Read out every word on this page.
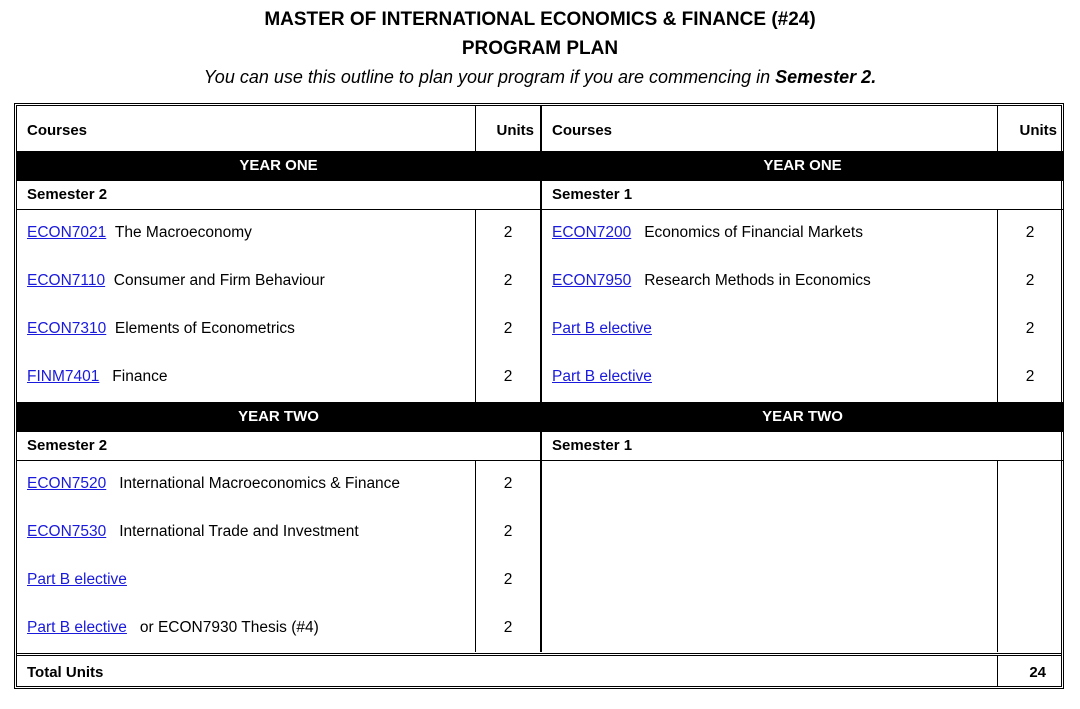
MASTER OF INTERNATIONAL ECONOMICS & FINANCE (#24)
PROGRAM PLAN
You can use this outline to plan your program if you are commencing in Semester 2.
Courses	Units
YEAR ONE
Semester 2
ECON7021 The Macroeconomy	2
ECON7110 Consumer and Firm Behaviour	2
ECON7310 Elements of Econometrics	2
FINM7401 Finance	2
YEAR TWO
Semester 2
ECON7520 International Macroeconomics & Finance	2
ECON7530 International Trade and Investment	2
Part B elective	2
Part B elective or ECON7930 Thesis (#4)	2
Courses	Units
YEAR ONE
Semester 1
ECON7200 Economics of Financial Markets	2
ECON7950 Research Methods in Economics	2
Part B elective	2
Part B elective	2
YEAR TWO
Semester 1
Total Units	24
